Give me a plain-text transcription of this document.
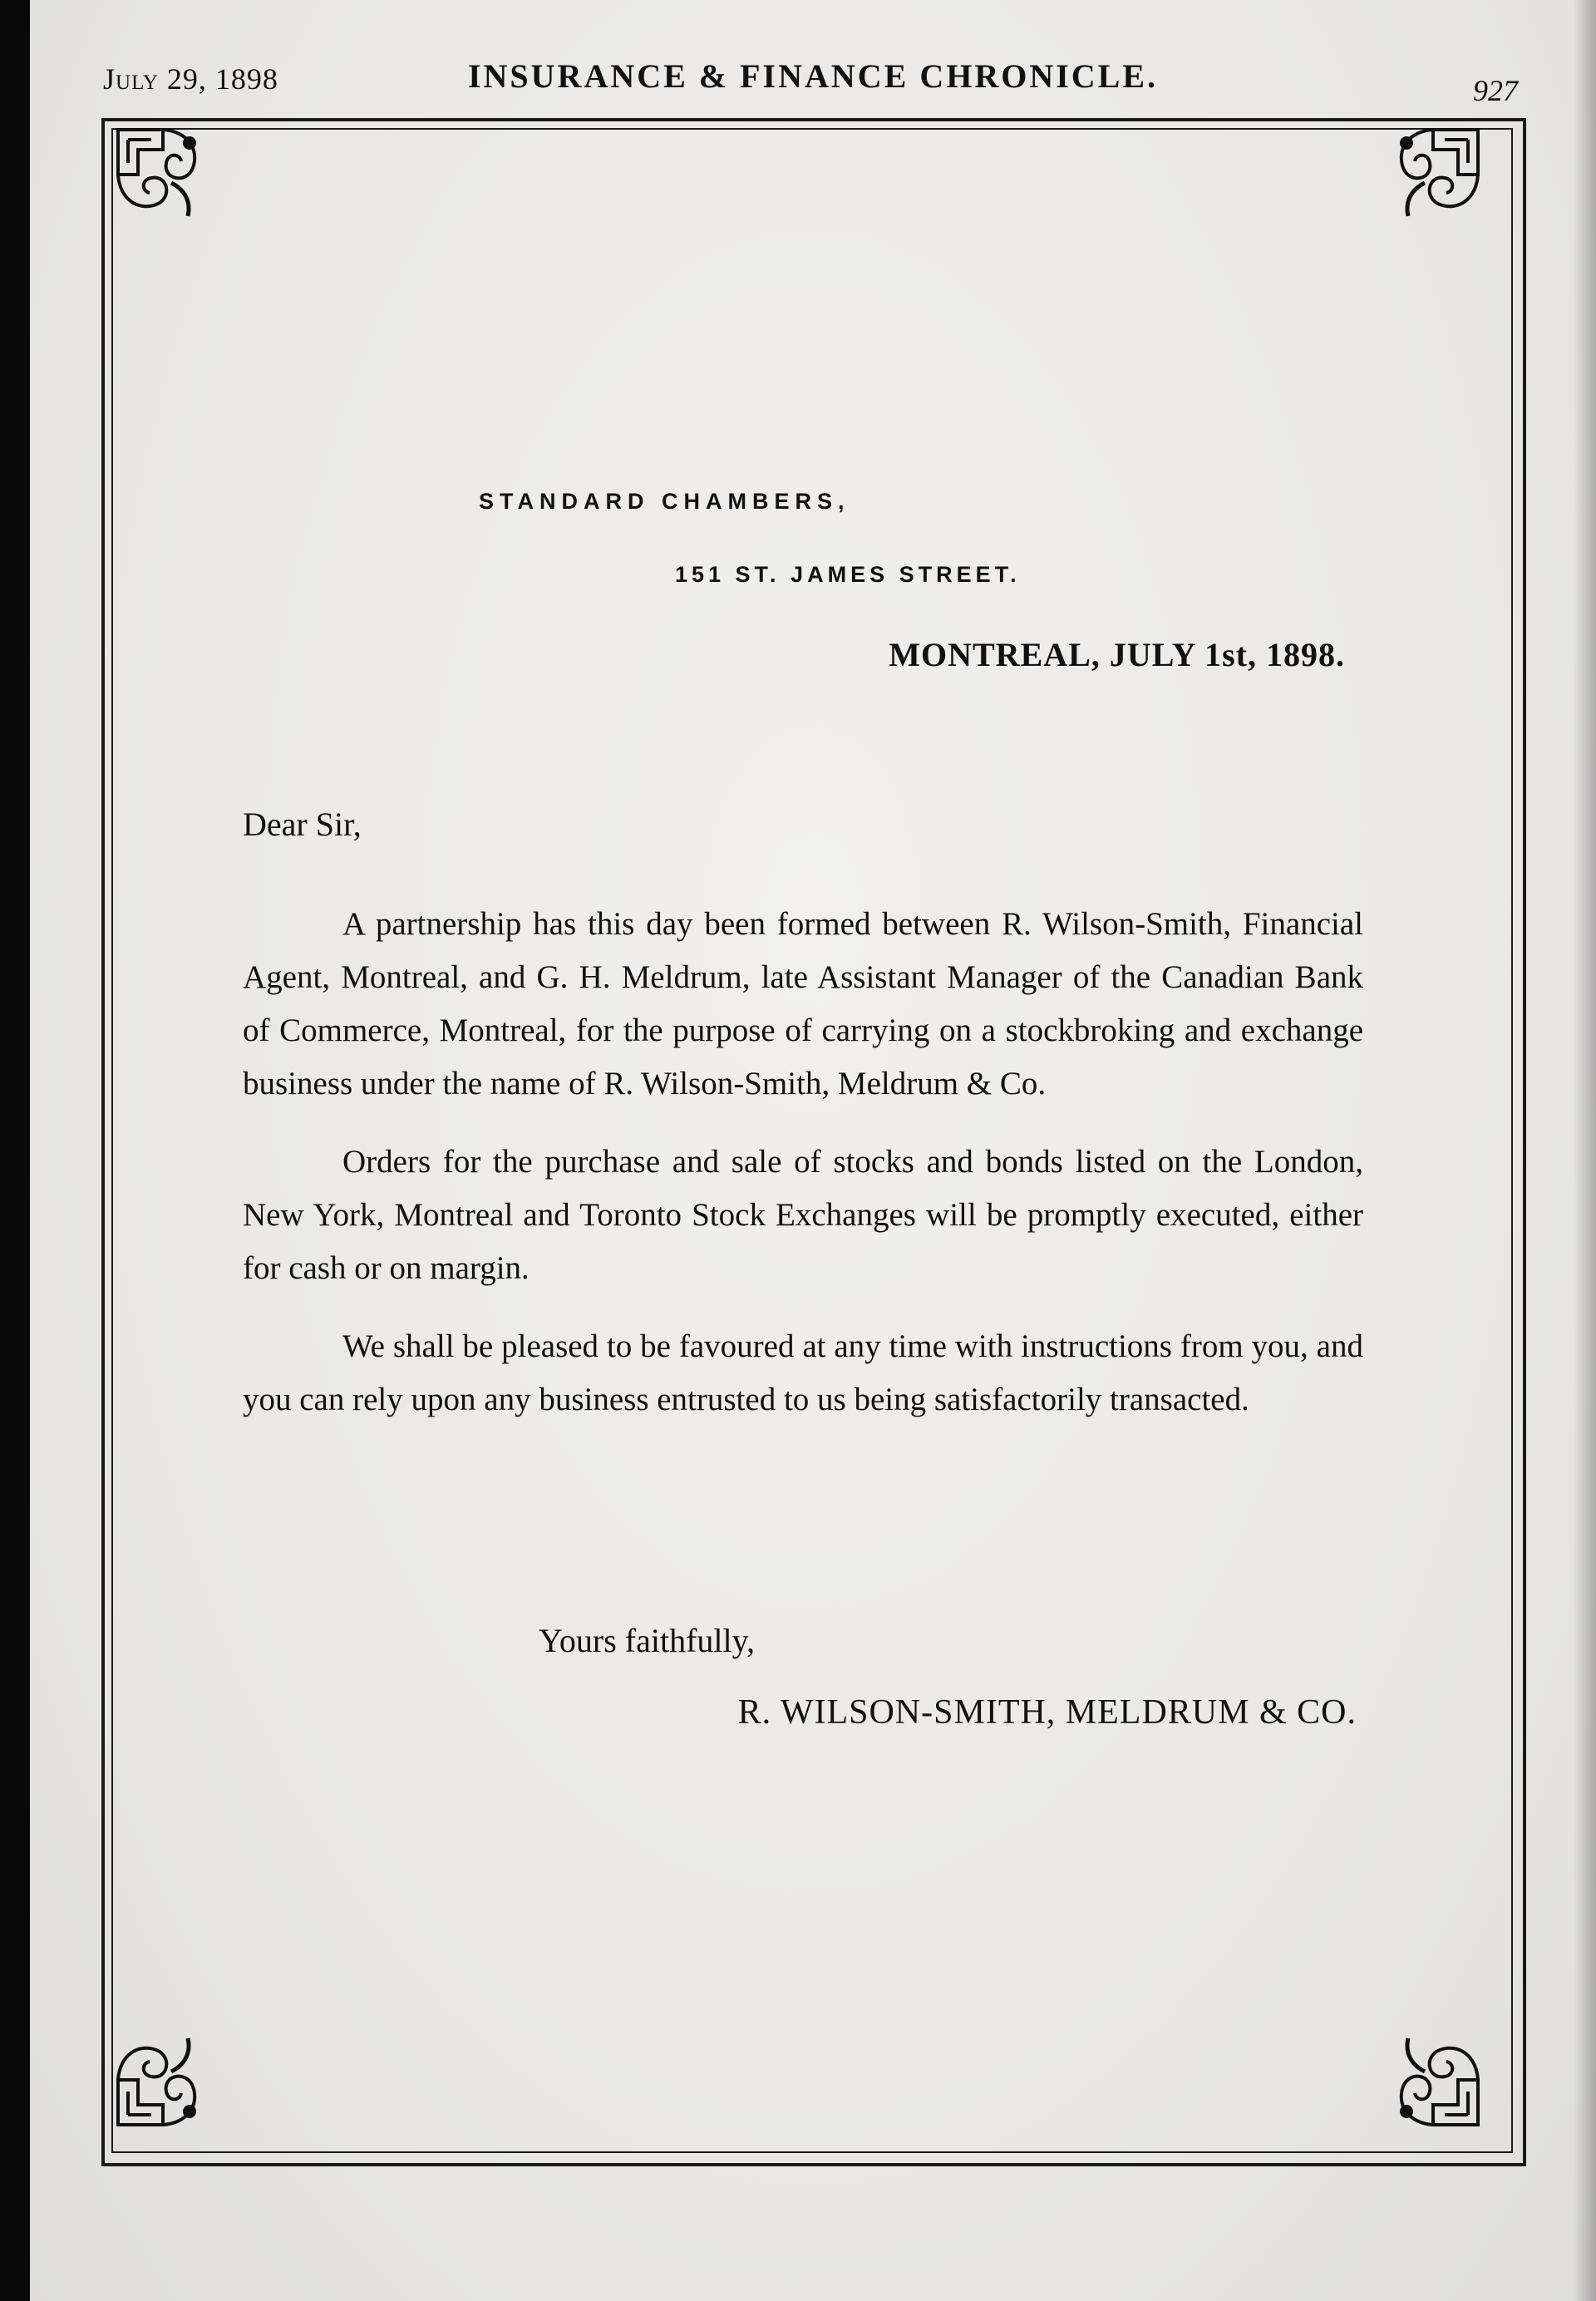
July 29, 1898	INSURANCE & FINANCE CHRONICLE.	927
STANDARD CHAMBERS,
151 ST. JAMES STREET.
MONTREAL, JULY 1st, 1898.
Dear Sir,

A partnership has this day been formed between R. Wilson-Smith, Financial Agent, Montreal, and G. H. Meldrum, late Assistant Manager of the Canadian Bank of Commerce, Montreal, for the purpose of carrying on a stockbroking and exchange business under the name of R. Wilson-Smith, Meldrum & Co.

Orders for the purchase and sale of stocks and bonds listed on the London, New York, Montreal and Toronto Stock Exchanges will be promptly executed, either for cash or on margin.

We shall be pleased to be favoured at any time with instructions from you, and you can rely upon any business entrusted to us being satisfactorily transacted.

Yours faithfully,
R. WILSON-SMITH, MELDRUM & CO.
